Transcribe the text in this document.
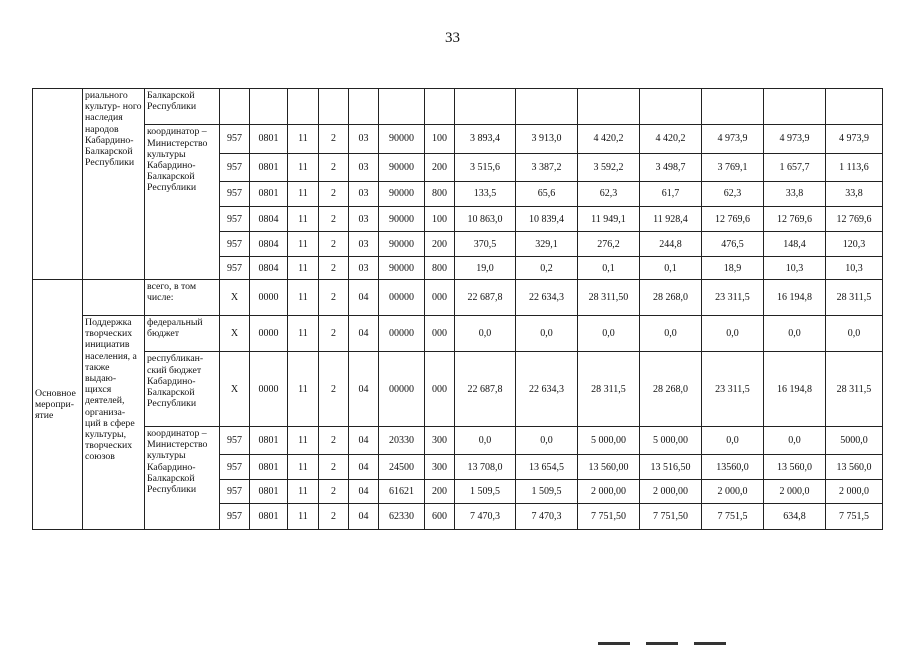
33
	риального культур- ного наследия народов Кабардино- Балкарской Республики	Балкарской Республики														
		координатор – Министерство культуры Кабардино- Балкарской Республики	957	0801	11	2	03	90000	100	3 893,4	3 913,0	4 420,2	4 420,2	4 973,9	4 973,9	4 973,9
			957	0801	11	2	03	90000	200	3 515,6	3 387,2	3 592,2	3 498,7	3 769,1	1 657,7	1 113,6
			957	0801	11	2	03	90000	800	133,5	65,6	62,3	61,7	62,3	33,8	33,8
			957	0804	11	2	03	90000	100	10 863,0	10 839,4	11 949,1	11 928,4	12 769,6	12 769,6	12 769,6
			957	0804	11	2	03	90000	200	370,5	329,1	276,2	244,8	476,5	148,4	120,3
			957	0804	11	2	03	90000	800	19,0	0,2	0,1	0,1	18,9	10,3	10,3
Основное меропри- ятие		всего, в том числе:	X	0000	11	2	04	00000	000	22 687,8	22 634,3	28 311,50	28 268,0	23 311,5	16 194,8	28 311,5
	Поддержка творческих инициатив населения, а также выдаю- щихся деятелей, организа- ций в сфере культуры, творческих союзов	федеральный бюджет	X	0000	11	2	04	00000	000	0,0	0,0	0,0	0,0	0,0	0,0	0,0
		республикан- ский бюджет Кабардино- Балкарской Республики	X	0000	11	2	04	00000	000	22 687,8	22 634,3	28 311,5	28 268,0	23 311,5	16 194,8	28 311,5
		координатор – Министерство культуры Кабардино- Балкарской Республики	957	0801	11	2	04	20330	300	0,0	0,0	5 000,00	5 000,00	0,0	0,0	5000,0
			957	0801	11	2	04	24500	300	13 708,0	13 654,5	13 560,00	13 516,50	13560,0	13 560,0	13 560,0
			957	0801	11	2	04	61621	200	1 509,5	1 509,5	2 000,00	2 000,00	2 000,0	2 000,0	2 000,0
			957	0801	11	2	04	62330	600	7 470,3	7 470,3	7 751,50	7 751,50	7 751,5	634,8	7 751,5
